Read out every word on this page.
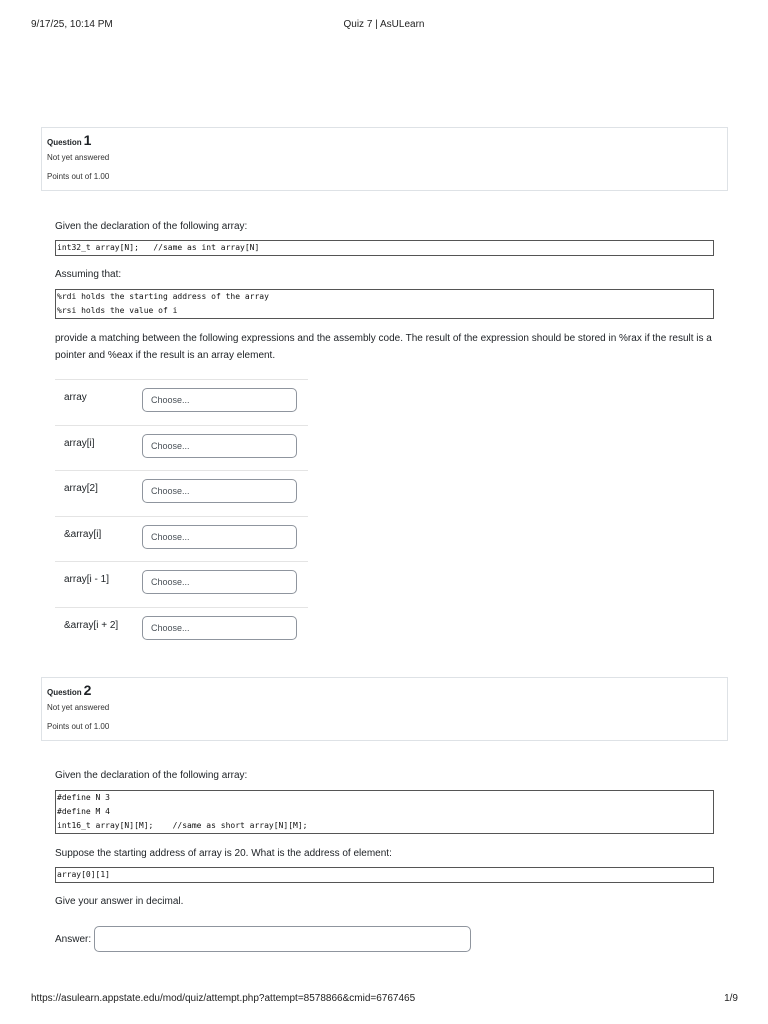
9/17/25, 10:14 PM	Quiz 7 | AsULearn
Question 1
Not yet answered
Points out of 1.00
Given the declaration of the following array:
int32_t array[N];   //same as int array[N]
Assuming that:
%rdi holds the starting address of the array
%rsi holds the value of i
provide a matching between the following expressions and the assembly code. The result of the expression should be stored in %rax if the result is a pointer and %eax if the result is an array element.
array	Choose...
array[i]	Choose...
array[2]	Choose...
&array[i]	Choose...
array[i - 1]	Choose...
&array[i + 2]	Choose...
Question 2
Not yet answered
Points out of 1.00
Given the declaration of the following array:
#define N 3
#define M 4
int16_t array[N][M];    //same as short array[N][M];
Suppose the starting address of array is 20. What is the address of element:
array[0][1]
Give your answer in decimal.
Answer:
https://asulearn.appstate.edu/mod/quiz/attempt.php?attempt=8578866&cmid=6767465	1/9
